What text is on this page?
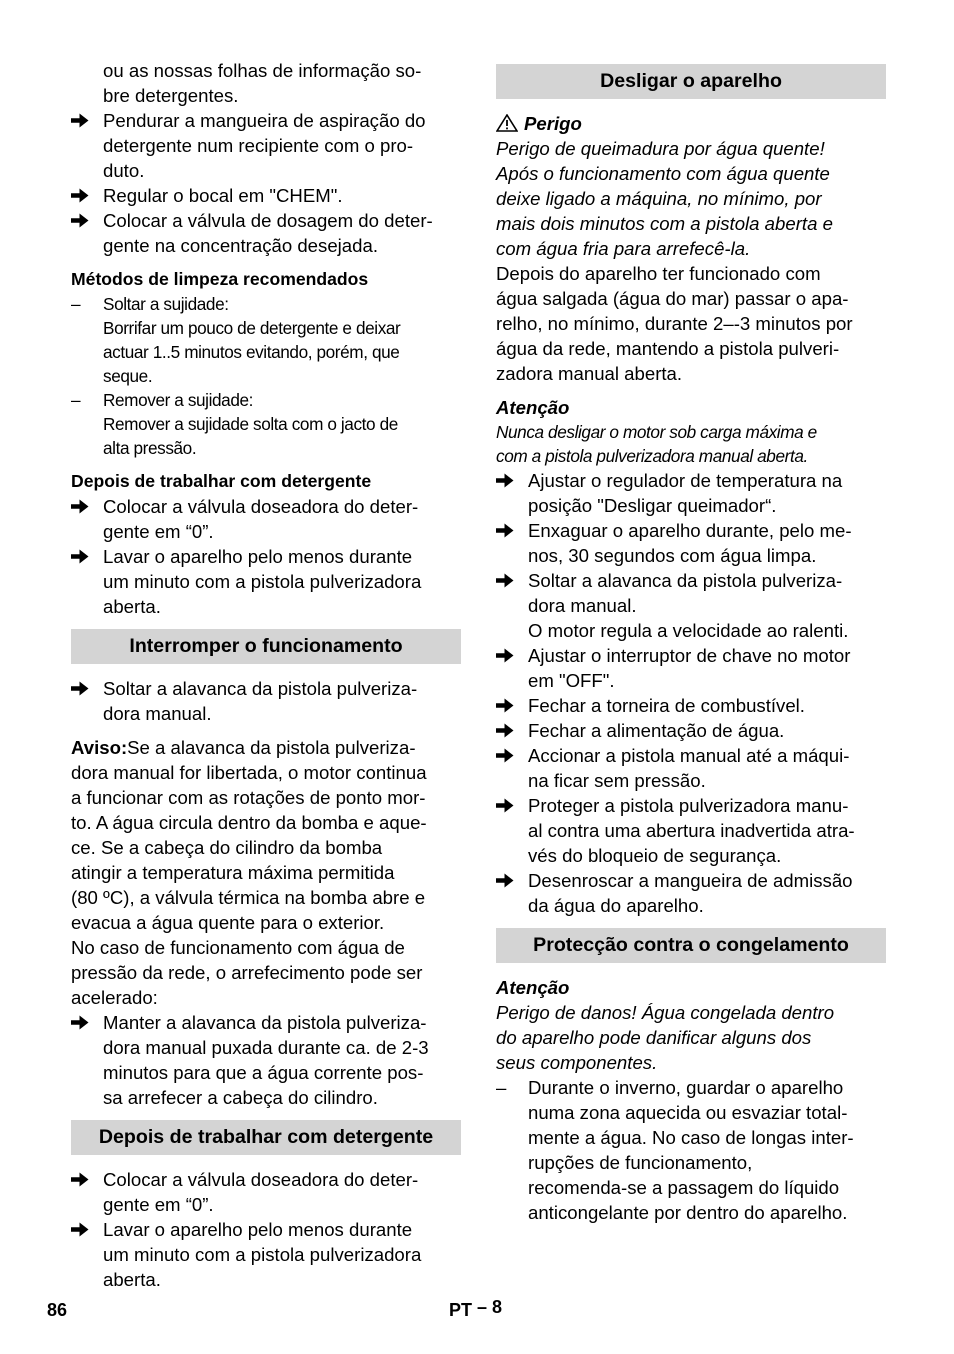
ou as nossas folhas de informação so-
bre detergentes.

Pendurar a mangueira de aspiração do
detergente num recipiente com o pro-
duto.
Regular o bocal em "CHEM".
Colocar a válvula de dosagem do deter-
gente na concentração desejada.
Métodos de limpeza recomendados
– Soltar a sujidade:
Borrifar um pouco de detergente e deixar
actuar 1..5 minutos evitando, porém, que
seque.
– Remover a sujidade:
Remover a sujidade solta com o jacto de
alta pressão.
Depois de trabalhar com detergente
Colocar a válvula doseadora do deter-
gente em “0”.
Lavar o aparelho pelo menos durante
um minuto com a pistola pulverizadora
aberta.
Interromper o funcionamento
Soltar a alavanca da pistola pulveriza-
dora manual.

Aviso:Se a alavanca da pistola pulveriza-

dora manual for libertada, o motor continua
a funcionar com as rotações de ponto mor-
to. A água circula dentro da bomba e aque-
ce. Se a cabeça do cilindro da bomba
atingir a temperatura máxima permitida
(80 ºC), a válvula térmica na bomba abre e
evacua a água quente para o exterior.
No caso de funcionamento com água de
pressão da rede, o arrefecimento pode ser
acelerado:
Manter a alavanca da pistola pulveriza-
dora manual puxada durante ca. de 2-3
minutos para que a água corrente pos-
sa arrefecer a cabeça do cilindro.
Depois de trabalhar com detergente
Colocar a válvula doseadora do deter-
gente em “0”.
Lavar o aparelho pelo menos durante
um minuto com a pistola pulverizadora
aberta.
Desligar o aparelho
Perigo
Perigo de queimadura por água quente!
Após o funcionamento com água quente
deixe ligado a máquina, no mínimo, por
mais dois minutos com a pistola aberta e
com água fria para arrefecê-la.
Depois do aparelho ter funcionado com
água salgada (água do mar) passar o apa-
relho, no mínimo, durante 2–-3 minutos por
água da rede, mantendo a pistola pulveri-
zadora manual aberta.
Atenção
Nunca desligar o motor sob carga máxima e
com a pistola pulverizadora manual aberta.
Ajustar o regulador de temperatura na
posição "Desligar queimador“.
Enxaguar o aparelho durante, pelo me-
nos, 30 segundos com água limpa.
Soltar a alavanca da pistola pulveriza-
dora manual.

O motor regula a velocidade ao ralenti.

Ajustar o interruptor de chave no motor
em "OFF".
Fechar a torneira de combustível.
Fechar a alimentação de água.
Accionar a pistola manual até a máqui-
na ficar sem pressão.
Proteger a pistola pulverizadora manu-
al contra uma abertura inadvertida atra-
vés do bloqueio de segurança.
Desenroscar a mangueira de admissão
da água do aparelho.
Protecção contra o congelamento
Atenção
Perigo de danos! Água congelada dentro
do aparelho pode danificar alguns dos
seus componentes.
– Durante o inverno, guardar o aparelho
numa zona aquecida ou esvaziar total-
mente a água. No caso de longas inter-
rupções de funcionamento,
recomenda-se a passagem do líquido
anticongelante por dentro do aparelho.
86	PT – 8
